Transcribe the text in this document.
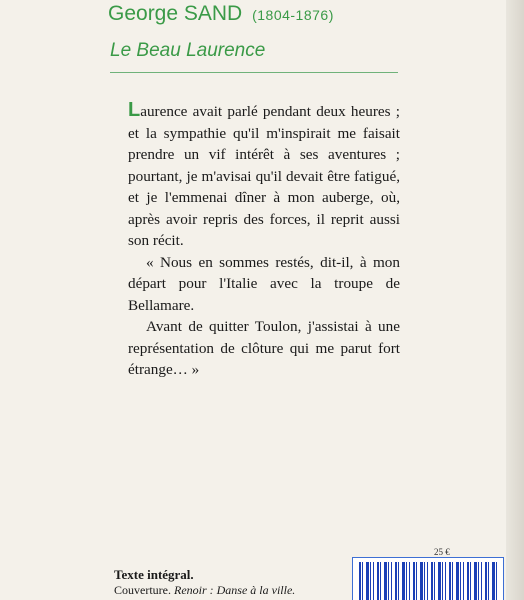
George SAND (1804-1876)
Le Beau Laurence

Laurence avait parlé pendant deux heures ; et la sympathie qu'il m'inspirait me faisait prendre un vif intérêt à ses aventures ; pourtant, je m'avisai qu'il devait être fatigué, et je l'emmenai dîner à mon auberge, où, après avoir repris des forces, il reprit aussi son récit.

« Nous en sommes restés, dit-il, à mon départ pour l'Italie avec la troupe de Bellamare.

Avant de quitter Toulon, j'assistai à une représentation de clôture qui me parut fort étrange… »

25 €
Texte intégral.
Couverture. Renoir : Danse à la ville.
